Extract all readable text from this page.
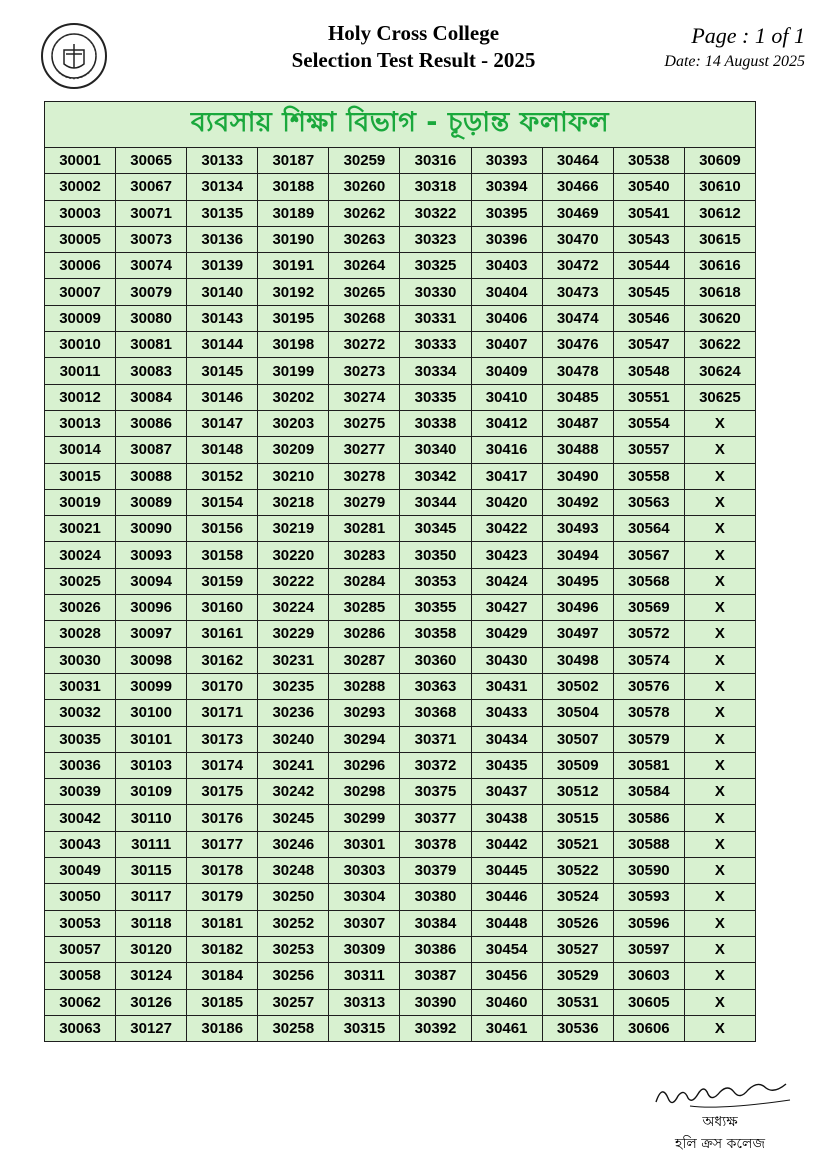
Holy Cross College
Selection Test Result - 2025
Page : 1 of 1
Date: 14 August 2025
ব্যবসায় শিক্ষা বিভাগ - চূড়ান্ত ফলাফল									
30001	30065	30133	30187	30259	30316	30393	30464	30538	30609
30002	30067	30134	30188	30260	30318	30394	30466	30540	30610
30003	30071	30135	30189	30262	30322	30395	30469	30541	30612
30005	30073	30136	30190	30263	30323	30396	30470	30543	30615
30006	30074	30139	30191	30264	30325	30403	30472	30544	30616
30007	30079	30140	30192	30265	30330	30404	30473	30545	30618
30009	30080	30143	30195	30268	30331	30406	30474	30546	30620
30010	30081	30144	30198	30272	30333	30407	30476	30547	30622
30011	30083	30145	30199	30273	30334	30409	30478	30548	30624
30012	30084	30146	30202	30274	30335	30410	30485	30551	30625
30013	30086	30147	30203	30275	30338	30412	30487	30554	X
30014	30087	30148	30209	30277	30340	30416	30488	30557	X
30015	30088	30152	30210	30278	30342	30417	30490	30558	X
30019	30089	30154	30218	30279	30344	30420	30492	30563	X
30021	30090	30156	30219	30281	30345	30422	30493	30564	X
30024	30093	30158	30220	30283	30350	30423	30494	30567	X
30025	30094	30159	30222	30284	30353	30424	30495	30568	X
30026	30096	30160	30224	30285	30355	30427	30496	30569	X
30028	30097	30161	30229	30286	30358	30429	30497	30572	X
30030	30098	30162	30231	30287	30360	30430	30498	30574	X
30031	30099	30170	30235	30288	30363	30431	30502	30576	X
30032	30100	30171	30236	30293	30368	30433	30504	30578	X
30035	30101	30173	30240	30294	30371	30434	30507	30579	X
30036	30103	30174	30241	30296	30372	30435	30509	30581	X
30039	30109	30175	30242	30298	30375	30437	30512	30584	X
30042	30110	30176	30245	30299	30377	30438	30515	30586	X
30043	30111	30177	30246	30301	30378	30442	30521	30588	X
30049	30115	30178	30248	30303	30379	30445	30522	30590	X
30050	30117	30179	30250	30304	30380	30446	30524	30593	X
30053	30118	30181	30252	30307	30384	30448	30526	30596	X
30057	30120	30182	30253	30309	30386	30454	30527	30597	X
30058	30124	30184	30256	30311	30387	30456	30529	30603	X
30062	30126	30185	30257	30313	30390	30460	30531	30605	X
30063	30127	30186	30258	30315	30392	30461	30536	30606	X
অধ্যক্ষ
হলি ক্রস কলেজ
